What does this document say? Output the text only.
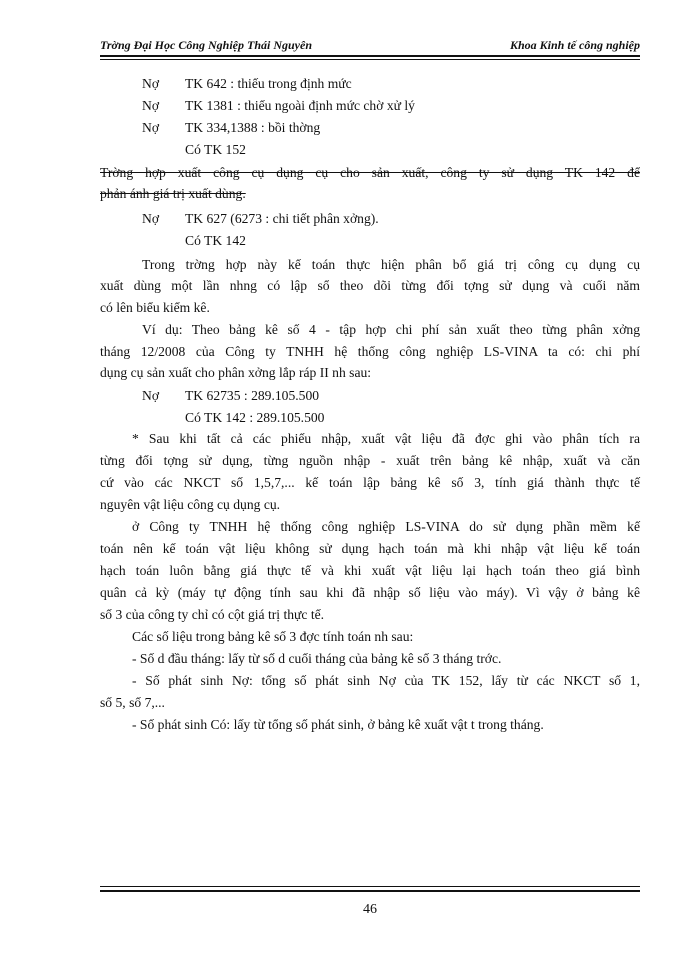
Trờng Đại Học Công Nghiệp Thái Nguyên	Khoa Kinh tế công nghiệp
Nợ TK 642 : thiếu trong định mức
Nợ TK 1381 : thiếu ngoài định mức chờ xử lý
Nợ TK 334,1388 : bồi thờng
Có TK 152
Trờng hợp xuất công cụ dụng cụ cho sản xuất, công ty sử dụng TK 142 để
phản ánh giá trị xuất dùng.
Nợ TK 627 (6273 : chi tiết phân xởng).
Có TK 142
Trong trờng hợp này kế toán thực hiện phân bổ giá trị công cụ dụng cụ
xuất dùng một lần nhng có lập sổ theo dõi từng đối tợng sử dụng và cuối năm
có lên biểu kiểm kê.
Ví dụ: Theo bảng kê số 4 - tập hợp chi phí sản xuất theo từng phân xởng
tháng 12/2008 của Công ty TNHH hệ thống công nghiệp LS-VINA ta có: chi phí
dụng cụ sản xuất cho phân xởng lắp ráp II nh sau:
Nợ TK 62735 : 289.105.500
Có TK 142 : 289.105.500
* Sau khi tất cả các phiếu nhập, xuất vật liệu đã đợc ghi vào phân tích ra
từng đối tợng sử dụng, từng nguồn nhập - xuất trên bảng kê nhập, xuất và căn
cứ vào các NKCT số 1,5,7,... kế toán lập bảng kê số 3, tính giá thành thực tế
nguyên vật liệu công cụ dụng cụ.
ở Công ty TNHH hệ thống công nghiệp LS-VINA do sử dụng phần mềm kế
toán nên kế toán vật liệu không sử dụng hạch toán mà khi nhập vật liệu kế toán
hạch toán luôn bằng giá thực tế và khi xuất vật liệu lại hạch toán theo giá bình
quân cả kỳ (máy tự động tính sau khi đã nhập số liệu vào máy). Vì vậy ở bảng kê
số 3 của công ty chỉ có cột giá trị thực tế.
Các số liệu trong bảng kê số 3 đợc tính toán nh sau:
- Số d đầu tháng: lấy từ số d cuối tháng của bảng kê số 3 tháng trớc.
- Số phát sinh Nợ: tổng số phát sinh Nợ của TK 152, lấy từ các NKCT số 1,
số 5, số 7,...
- Số phát sinh Có: lấy từ tổng số phát sinh, ở bảng kê xuất vật t trong tháng.
46
